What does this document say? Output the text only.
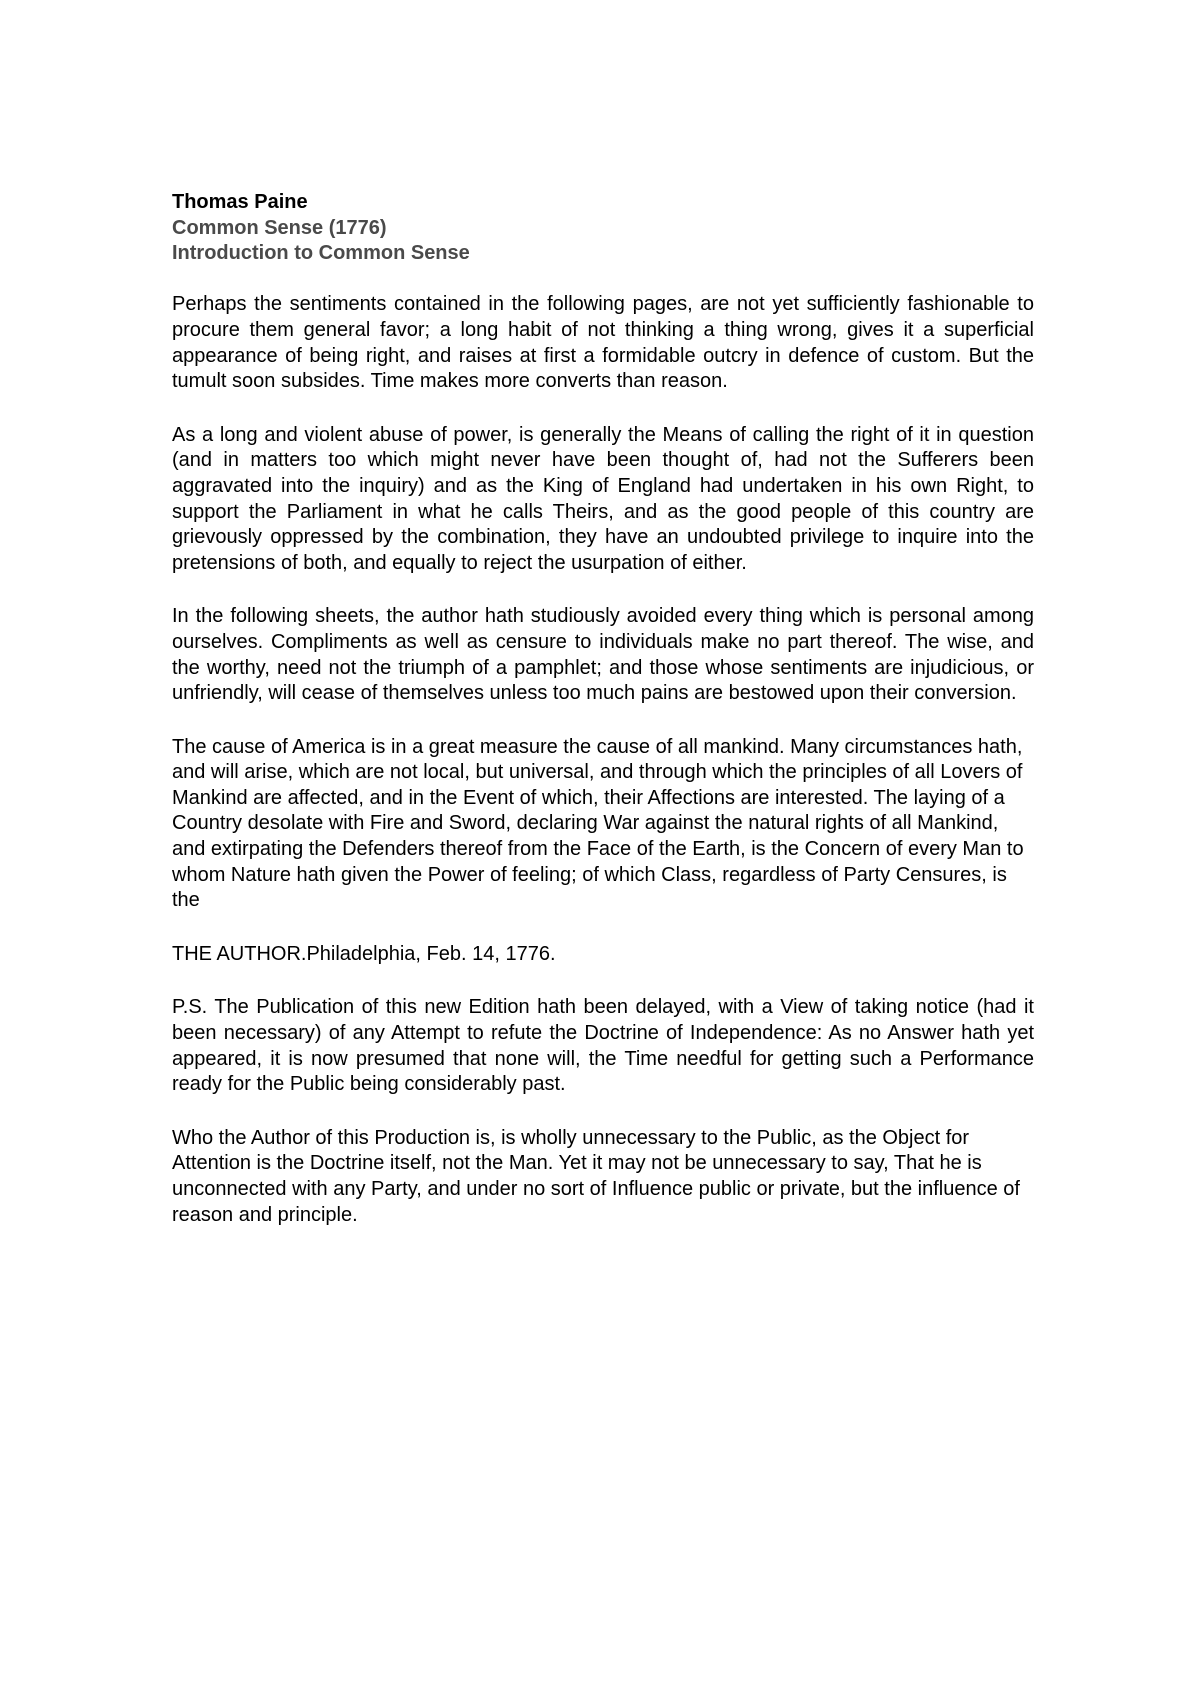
Thomas Paine

Common Sense (1776)

Introduction to Common Sense

Perhaps the sentiments contained in the following pages, are not yet sufficiently fashionable to procure them general favor; a long habit of not thinking a thing wrong, gives it a superficial appearance of being right, and raises at first a formidable outcry in defence of custom. But the tumult soon subsides. Time makes more converts than reason.

As a long and violent abuse of power, is generally the Means of calling the right of it in question (and in matters too which might never have been thought of, had not the Sufferers been aggravated into the inquiry) and as the King of England had undertaken in his own Right, to support the Parliament in what he calls Theirs, and as the good people of this country are grievously oppressed by the combination, they have an undoubted privilege to inquire into the pretensions of both, and equally to reject the usurpation of either.

In the following sheets, the author hath studiously avoided every thing which is personal among ourselves. Compliments as well as censure to individuals make no part thereof. The wise, and the worthy, need not the triumph of a pamphlet; and those whose sentiments are injudicious, or unfriendly, will cease of themselves unless too much pains are bestowed upon their conversion.

The cause of America is in a great measure the cause of all mankind. Many circumstances hath, and will arise, which are not local, but universal, and through which the principles of all Lovers of Mankind are affected, and in the Event of which, their Affections are interested. The laying of a Country desolate with Fire and Sword, declaring War against the natural rights of all Mankind, and extirpating the Defenders thereof from the Face of the Earth, is the Concern of every Man to whom Nature hath given the Power of feeling; of which Class, regardless of Party Censures, is the

THE AUTHOR.Philadelphia, Feb. 14, 1776.

P.S. The Publication of this new Edition hath been delayed, with a View of taking notice (had it been necessary) of any Attempt to refute the Doctrine of Independence: As no Answer hath yet appeared, it is now presumed that none will, the Time needful for getting such a Performance ready for the Public being considerably past.

Who the Author of this Production is, is wholly unnecessary to the Public, as the Object for Attention is the Doctrine itself, not the Man. Yet it may not be unnecessary to say, That he is unconnected with any Party, and under no sort of Influence public or private, but the influence of reason and principle.
